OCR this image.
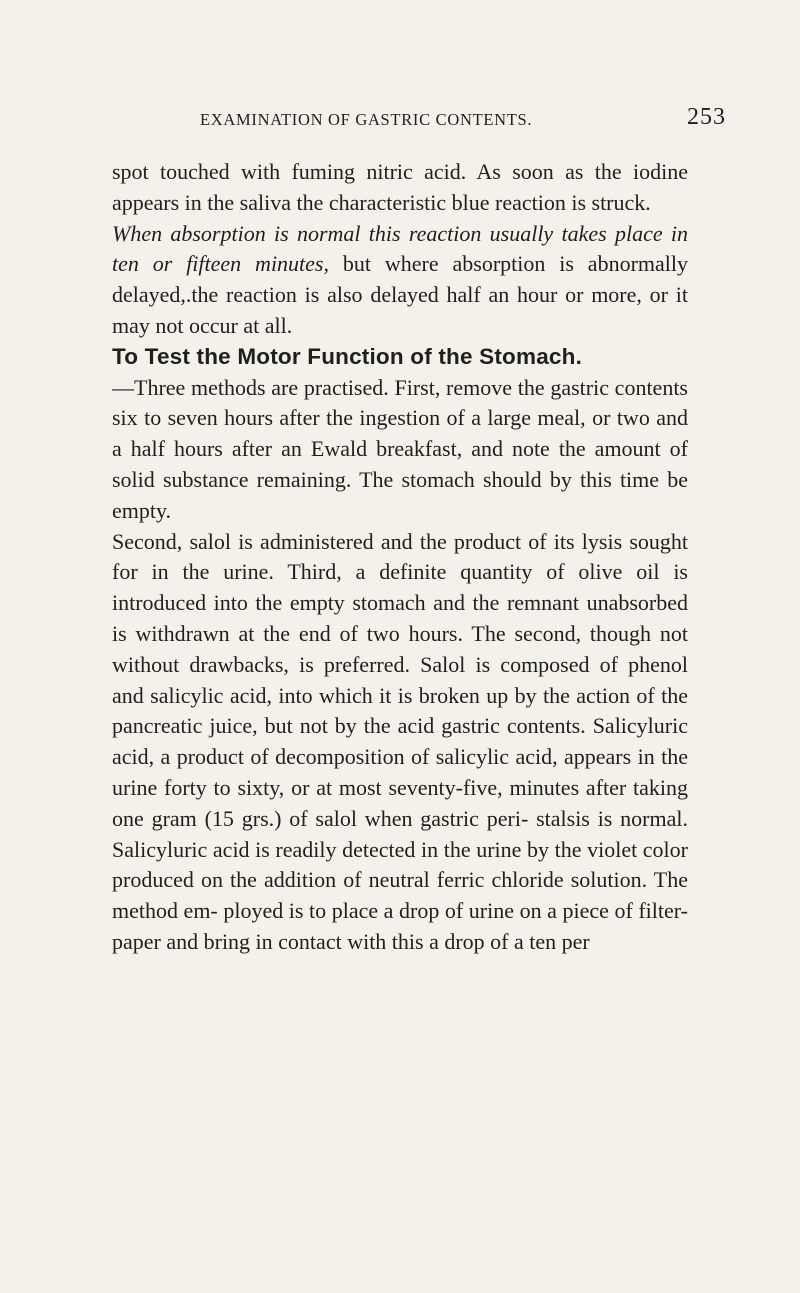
EXAMINATION OF GASTRIC CONTENTS.	253

spot touched with fuming nitric acid. As soon as the iodine appears in the saliva the characteristic blue reaction is struck.

When absorption is normal this reaction usually takes place in ten or fifteen minutes, but where absorption is abnormally delayed,.the reaction is also delayed half an hour or more, or it may not occur at all.

To Test the Motor Function of the Stomach.

—Three methods are practised. First, remove the gastric contents six to seven hours after the ingestion of a large meal, or two and a half hours after an Ewald breakfast, and note the amount of solid substance remaining. The stomach should by this time be empty.

Second, salol is administered and the product of its lysis sought for in the urine. Third, a definite quantity of olive oil is introduced into the empty stomach and the remnant unabsorbed is withdrawn at the end of two hours. The second, though not without drawbacks, is preferred. Salol is composed of phenol and salicylic acid, into which it is broken up by the action of the pancreatic juice, but not by the acid gastric contents. Salicyluric acid, a product of decomposition of salicylic acid, appears in the urine forty to sixty, or at most seventy-five, minutes after taking one gram (15 grs.) of salol when gastric peri- stalsis is normal. Salicyluric acid is readily detected in the urine by the violet color produced on the addition of neutral ferric chloride solution. The method em- ployed is to place a drop of urine on a piece of filter- paper and bring in contact with this a drop of a ten per
